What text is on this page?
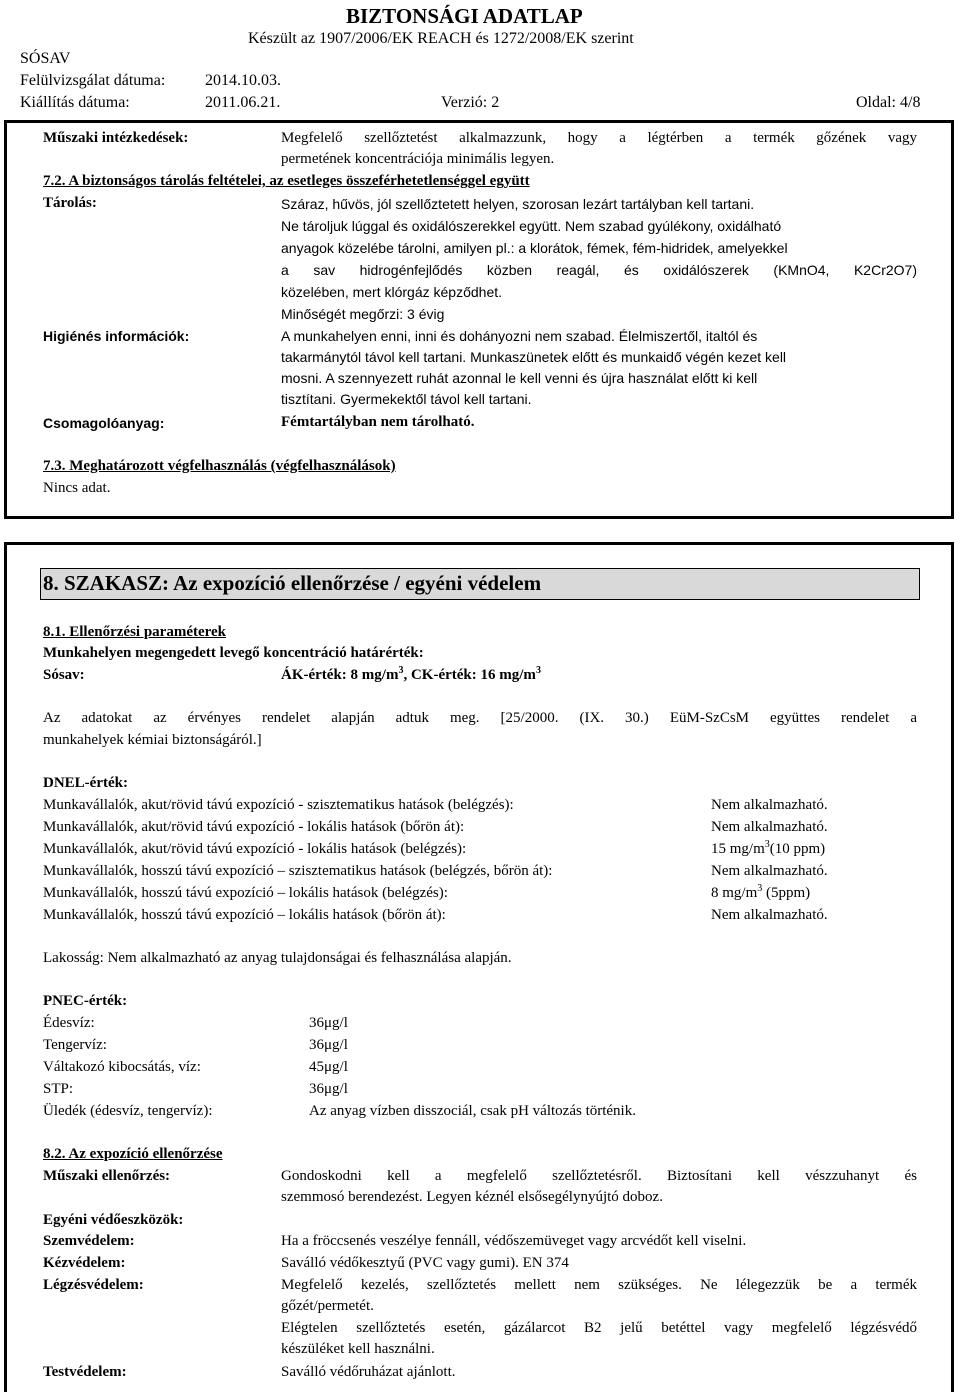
BIZTONSÁGI ADATLAP
Készült az 1907/2006/EK REACH és 1272/2008/EK szerint
SÓSAV
Felülvizsgálat dátuma: 2014.10.03.
Kiállítás dátuma:	2011.06.21.	Verzió: 2	Oldal: 4/8
Műszaki intézkedések:	Megfelelő szellőztetést alkalmazzunk, hogy a légtérben a termék gőzének vagy
permetének koncentrációja minimális legyen.
7.2. A biztonságos tárolás feltételei, az esetleges összeférhetetlenséggel együtt
Tárolás:	Száraz, hűvös, jól szellőztetett helyen, szorosan lezárt tartályban kell tartani.
Ne tároljuk lúggal és oxidálószerekkel együtt. Nem szabad gyúlékony, oxidálható
anyagok közelébe tárolni, amilyen pl.: a klorátok, fémek, fém-hidridek, amelyekkel
a sav hidrogénfejlődés közben reagál, és oxidálószerek (KMnO4, K2Cr2O7)
közelében, mert klórgáz képződhet.
Minőségét megőrzi: 3 évig
Higiénés információk:	A munkahelyen enni, inni és dohányozni nem szabad. Élelmiszertől, italtól és
takarmánytól távol kell tartani. Munkaszünetek előtt és munkaidő végén kezet kell
mosni. A szennyezett ruhát azonnal le kell venni és újra használat előtt ki kell
tisztítani. Gyermekektől távol kell tartani.
Csomagolóanyag:	Fémtartályban nem tárolható.
7.3. Meghatározott végfelhasználás (végfelhasználások)
Nincs adat.
8. SZAKASZ: Az expozíció ellenőrzése / egyéni védelem
8.1. Ellenőrzési paraméterek
Munkahelyen megengedett levegő koncentráció határérték:
Sósav:	ÁK-érték: 8 $mg/m^3$, CK-érték: 16 $mg/m^3$
Az adatokat az érvényes rendelet alapján adtuk meg. [25/2000. (IX. 30.) EüM-SzCsM együttes rendelet a
munkahelyek kémiai biztonságáról.]
DNEL-érték:
Munkavállalók, akut/rövid távú expozíció - szisztematikus hatások (belégzés):	Nem alkalmazható.
Munkavállalók, akut/rövid távú expozíció - lokális hatások (bőrön át):	Nem alkalmazható.
Munkavállalók, akut/rövid távú expozíció - lokális hatások (belégzés):	15 $mg/m^3(10$ ppm)
Munkavállalók, hosszú távú expozíció – szisztematikus hatások (belégzés, bőrön át):	Nem alkalmazható.
Munkavállalók, hosszú távú expozíció – lokális hatások (belégzés):	8 $mg/m^3$ (5ppm)
Munkavállalók, hosszú távú expozíció – lokális hatások (bőrön át):	Nem alkalmazható.
Lakosság: Nem alkalmazható az anyag tulajdonságai és felhasználása alapján.
PNEC-érték:
Édesvíz:	36μg/l
Tengervíz:	36μg/l
Váltakozó kibocsátás, víz:	45μg/l
STP:	36μg/l
Üledék (édesvíz, tengervíz):	Az anyag vízben disszociál, csak pH változás történik.
8.2. Az expozíció ellenőrzése
Műszaki ellenőrzés:	Gondoskodni kell a megfelelő szellőztetésről. Biztosítani kell vészzuhanyt és
szemmosó berendezést. Legyen kéznél elsősegélynyújtó doboz.
Egyéni védőeszközök:
Szemvédelem:	Ha a fröccsenés veszélye fennáll, védőszemüveget vagy arcvédőt kell viselni.
Kézvédelem:	Saválló védőkesztyű (PVC vagy gumi). EN 374
Légzésvédelem:	Megfelelő kezelés, szellőztetés mellett nem szükséges. Ne lélegezzük be a termék
gőzét/permetét.
Elégtelen szellőztetés esetén, gázálarcot B2 jelű betéttel vagy megfelelő légzésvédő
készüléket kell használni.
Testvédelem:	Saválló védőruházat ajánlott.
